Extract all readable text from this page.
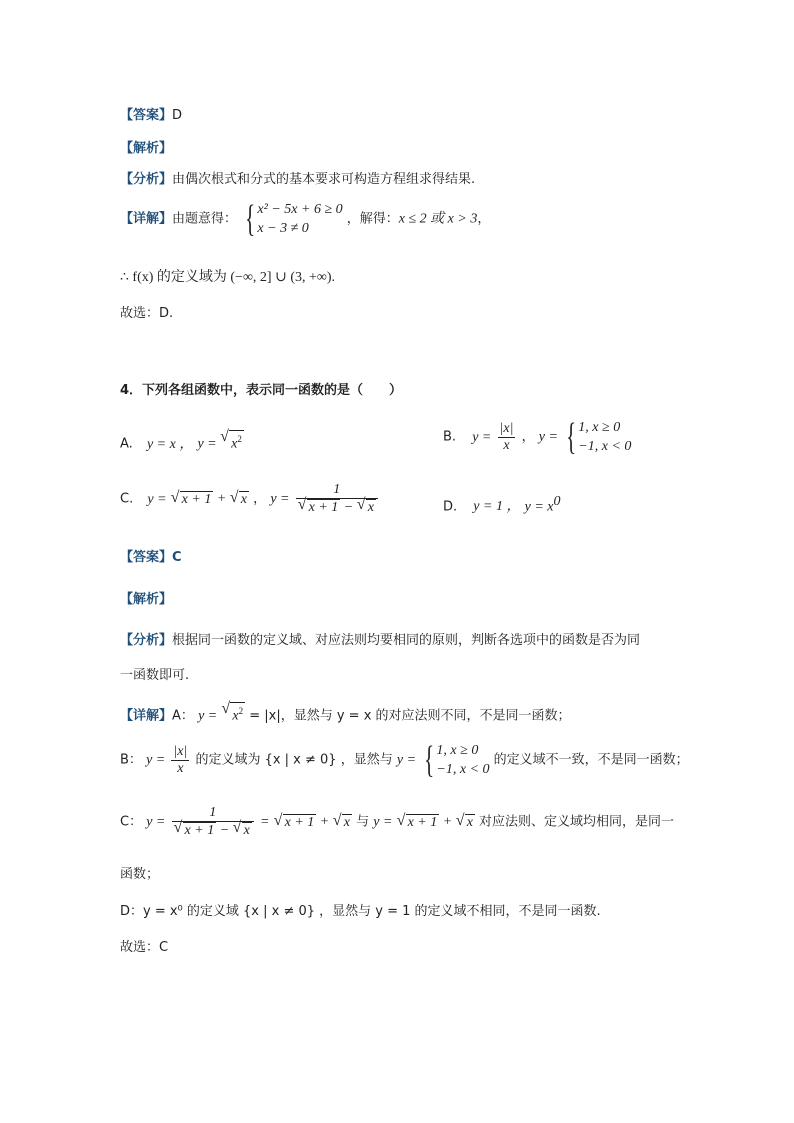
【答案】D
【解析】
【分析】由偶次根式和分式的基本要求可构造方程组求得结果.
【详解】由题意得： { x² − 5x + 6 ≥ 0
x − 3 ≠ 0
，解得：x ≤ 2 或 x > 3，
∴ f(x) 的定义域为 (−∞, 2] ∪ (3, +∞).
故选：D.
4．下列各组函数中，表示同一函数的是（　　）
A. y = x ， y = √ $x^2$	B. $y = \frac{|x|}{x}$ ， y = { 1, x ≥ 0
−1, x < 0
C. y = √ x + 1 + √ x ， $y = \frac{1}{√ x + 1 - √ x}$	D. y = 1 ， $y = x^0$
【答案】C
【解析】
【分析】根据同一函数的定义域、对应法则均要相同的原则，判断各选项中的函数是否为同
一函数即可.
【详解】A： y = √ $x^2 = |x|$，显然与 y = x 的对应法则不同，不是同一函数；
B： $y = \frac{|x|}{x}$ 的定义域为 {x | x ≠ 0} ，显然与 y = { 1, x ≥ 0
−1, x < 0
的定义域不一致，不是同一函数；
C： $y = \frac{1}{√ x + 1 - √ x}$ = √ x + 1 + √ x 与 y = √ x + 1 + √ x 对应法则、定义域均相同，是同一
函数；
D：y = x⁰ 的定义域 {x | x ≠ 0} ，显然与 y = 1 的定义域不相同，不是同一函数.
故选：C
